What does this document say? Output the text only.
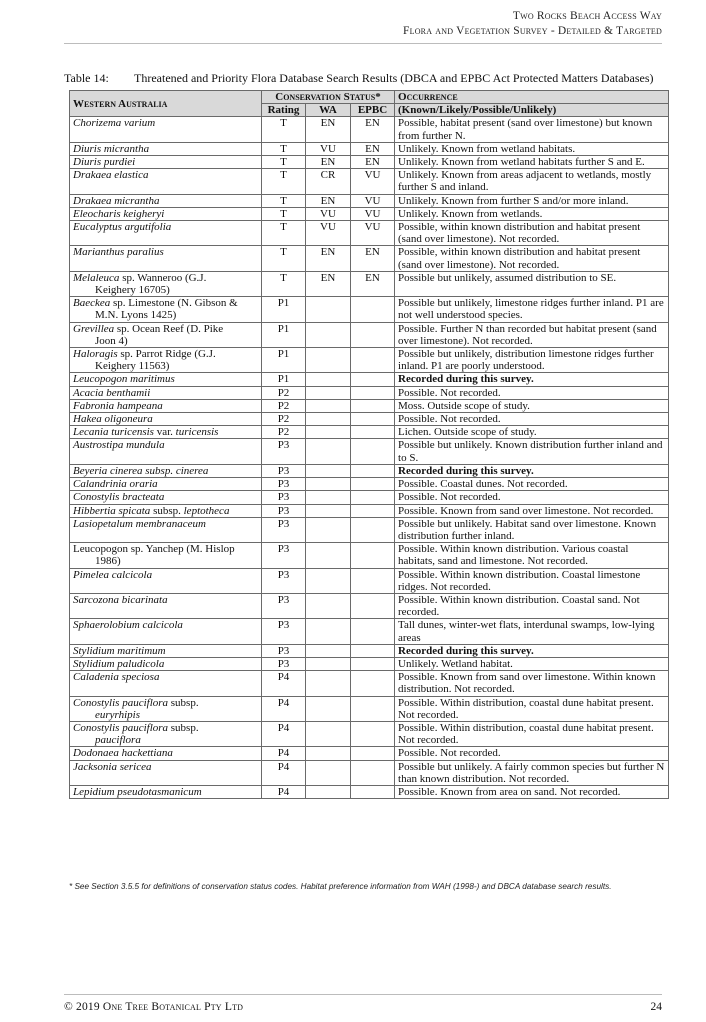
Two Rocks Beach Access Way
Flora and Vegetation Survey - Detailed & Targeted
Table 14: Threatened and Priority Flora Database Search Results (DBCA and EPBC Act Protected Matters Databases)
Western Australia	Conservation Status*			Occurrence
	Rating	WA	EPBC	(Known/Likely/Possible/Unlikely)
Chorizema varium	T	EN	EN	Possible, habitat present (sand over limestone) but known from further N.
Diuris micrantha	T	VU	EN	Unlikely. Known from wetland habitats.
Diuris purdiei	T	EN	EN	Unlikely. Known from wetland habitats further S and E.
Drakaea elastica	T	CR	VU	Unlikely. Known from areas adjacent to wetlands, mostly further S and inland.
Drakaea micrantha	T	EN	VU	Unlikely. Known from further S and/or more inland.
Eleocharis keigheryi	T	VU	VU	Unlikely. Known from wetlands.
Eucalyptus argutifolia	T	VU	VU	Possible, within known distribution and habitat present (sand over limestone). Not recorded.
Marianthus paralius	T	EN	EN	Possible, within known distribution and habitat present (sand over limestone). Not recorded.
Melaleuca sp. Wanneroo (G.J.
Keighery 16705)	T	EN	EN	Possible but unlikely, assumed distribution to SE.
Baeckea sp. Limestone (N. Gibson &
M.N. Lyons 1425)	P1			Possible but unlikely, limestone ridges further inland. P1 are not well understood species.
Grevillea sp. Ocean Reef (D. Pike
Joon 4)	P1			Possible. Further N than recorded but habitat present (sand over limestone). Not recorded.
Haloragis sp. Parrot Ridge (G.J.
Keighery 11563)	P1			Possible but unlikely, distribution limestone ridges further inland. P1 are poorly understood.
Leucopogon maritimus	P1			Recorded during this survey.
Acacia benthamii	P2			Possible. Not recorded.
Fabronia hampeana	P2			Moss. Outside scope of study.
Hakea oligoneura	P2			Possible. Not recorded.
Lecania turicensis var. turicensis	P2			Lichen. Outside scope of study.
Austrostipa mundula	P3			Possible but unlikely. Known distribution further inland and to S.
Beyeria cinerea subsp. cinerea	P3			Recorded during this survey.
Calandrinia oraria	P3			Possible. Coastal dunes. Not recorded.
Conostylis bracteata	P3			Possible. Not recorded.
Hibbertia spicata subsp. leptotheca	P3			Possible. Known from sand over limestone. Not recorded.
Lasiopetalum membranaceum	P3			Possible but unlikely. Habitat sand over limestone. Known distribution further inland.
Leucopogon sp. Yanchep (M. Hislop
1986)	P3			Possible. Within known distribution. Various coastal habitats, sand and limestone. Not recorded.
Pimelea calcicola	P3			Possible. Within known distribution. Coastal limestone ridges. Not recorded.
Sarcozona bicarinata	P3			Possible. Within known distribution. Coastal sand. Not recorded.
Sphaerolobium calcicola	P3			Tall dunes, winter-wet flats, interdunal swamps, low-lying areas
Stylidium maritimum	P3			Recorded during this survey.
Stylidium paludicola	P3			Unlikely. Wetland habitat.
Caladenia speciosa	P4			Possible. Known from sand over limestone. Within known distribution. Not recorded.
Conostylis pauciflora subsp.
euryrhipis	P4			Possible. Within distribution, coastal dune habitat present. Not recorded.
Conostylis pauciflora subsp.
pauciflora	P4			Possible. Within distribution, coastal dune habitat present. Not recorded.
Dodonaea hackettiana	P4			Possible. Not recorded.
Jacksonia sericea	P4			Possible but unlikely. A fairly common species but further N than known distribution. Not recorded.
Lepidium pseudotasmanicum	P4			Possible. Known from area on sand. Not recorded.
* See Section 3.5.5 for definitions of conservation status codes. Habitat preference information from WAH (1998-) and DBCA database search results.
© 2019 One Tree Botanical Pty Ltd	24
